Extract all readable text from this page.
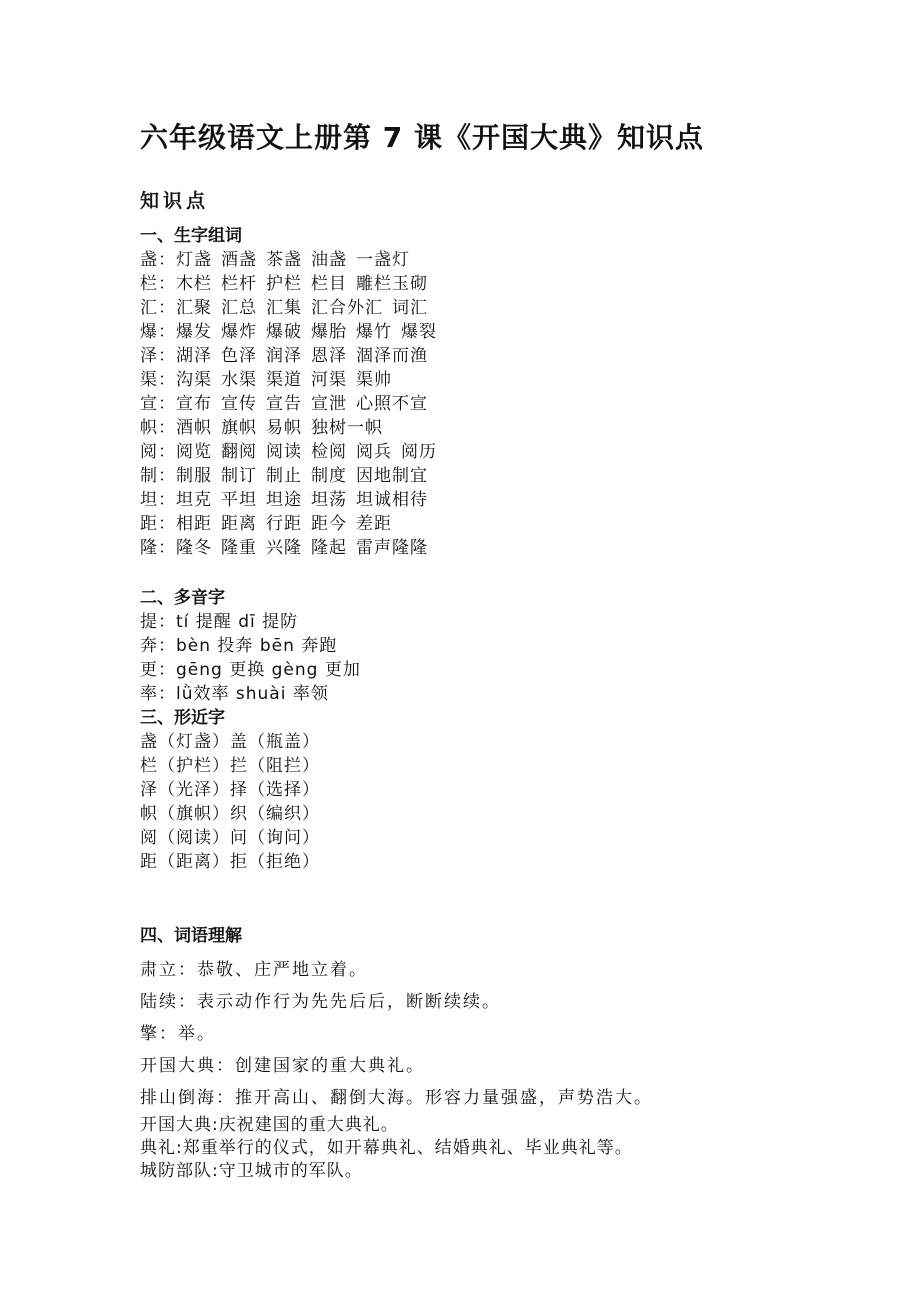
六年级语文上册第 7 课《开国大典》知识点
知识点
一、生字组词
盏：灯盏 酒盏 茶盏 油盏 一盏灯
栏：木栏 栏杆 护栏 栏目 雕栏玉砌
汇：汇聚 汇总 汇集 汇合外汇 词汇
爆：爆发 爆炸 爆破 爆胎 爆竹 爆裂
泽：湖泽 色泽 润泽 恩泽 涸泽而渔
渠：沟渠 水渠 渠道 河渠 渠帅
宣：宣布 宣传 宣告 宣泄 心照不宣
帜：酒帜 旗帜 易帜 独树一帜
阅：阅览 翻阅 阅读 检阅 阅兵 阅历
制：制服 制订 制止 制度 因地制宜
坦：坦克 平坦 坦途 坦荡 坦诚相待
距：相距 距离 行距 距今 差距
隆：隆冬 隆重 兴隆 隆起 雷声隆隆
二、多音字
提：tí 提醒 dī 提防
奔：bèn 投奔 bēn 奔跑
更：gēng 更换 gèng 更加
率：lǜ效率 shuài 率领
三、形近字
盏（灯盏）盖（瓶盖）
栏（护栏）拦（阻拦）
泽（光泽）择（选择）
帜（旗帜）织（编织）
阅（阅读）问（询问）
距（距离）拒（拒绝）
四、词语理解
肃立：恭敬、庄严地立着。
陆续：表示动作行为先先后后，断断续续。
擎：举。
开国大典：创建国家的重大典礼。
排山倒海：推开高山、翻倒大海。形容力量强盛，声势浩大。
开国大典:庆祝建国的重大典礼。
典礼:郑重举行的仪式，如开幕典礼、结婚典礼、毕业典礼等。
城防部队:守卫城市的军队。
